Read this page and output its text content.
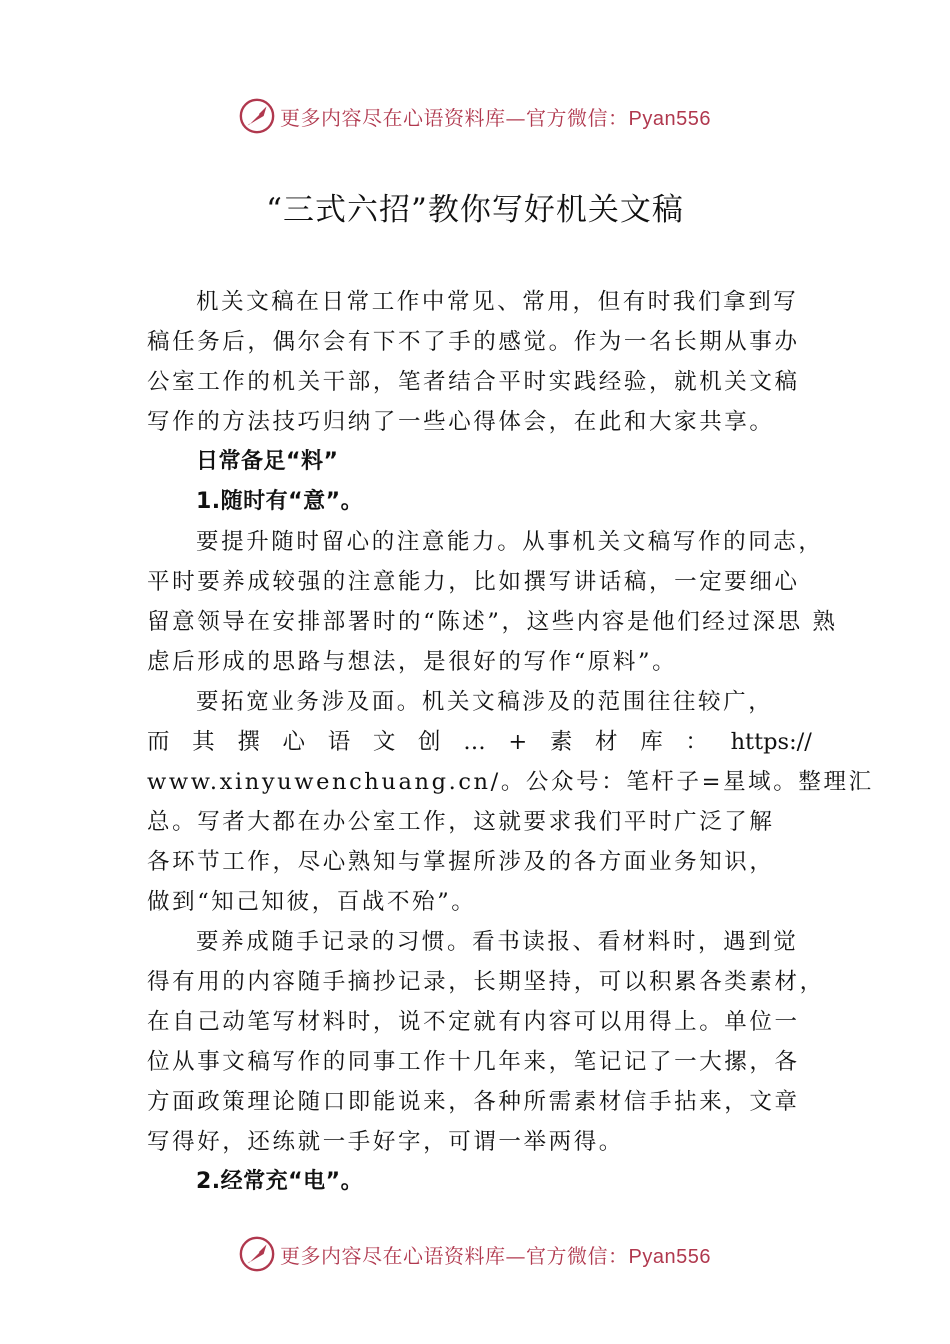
更多内容尽在心语资料库—官方微信：Pyan556
“三式六招”教你写好机关文稿
机关文稿在日常工作中常见、常用，但有时我们拿到写
稿任务后，偶尔会有下不了手的感觉。作为一名长期从事办
公室工作的机关干部，笔者结合平时实践经验，就机关文稿
写作的方法技巧归纳了一些心得体会，在此和大家共享。
日常备足“料”
1.随时有“意”。
要提升随时留心的注意能力。从事机关文稿写作的同志，
平时要养成较强的注意能力，比如撰写讲话稿，一定要细心
留意领导在安排部署时的“陈述”，这些内容是他们经过深思 熟
虑后形成的思路与想法，是很好的写作“原料”。
要拓宽业务涉及面。机关文稿涉及的范围往往较广，
而 其 撰 心 语 文 创 … + 素 材 库 ： https://
www.xinyuwenchuang.cn/。公众号：笔杆子=星域。整理汇
总。写者大都在办公室工作，这就要求我们平时广泛了解
各环节工作，尽心熟知与掌握所涉及的各方面业务知识，
做到“知己知彼，百战不殆”。
要养成随手记录的习惯。看书读报、看材料时，遇到觉
得有用的内容随手摘抄记录，长期坚持，可以积累各类素材，
在自己动笔写材料时，说不定就有内容可以用得上。单位一
位从事文稿写作的同事工作十几年来，笔记记了一大摞，各
方面政策理论随口即能说来，各种所需素材信手拈来，文章
写得好，还练就一手好字，可谓一举两得。
2.经常充“电”。
更多内容尽在心语资料库—官方微信：Pyan556
